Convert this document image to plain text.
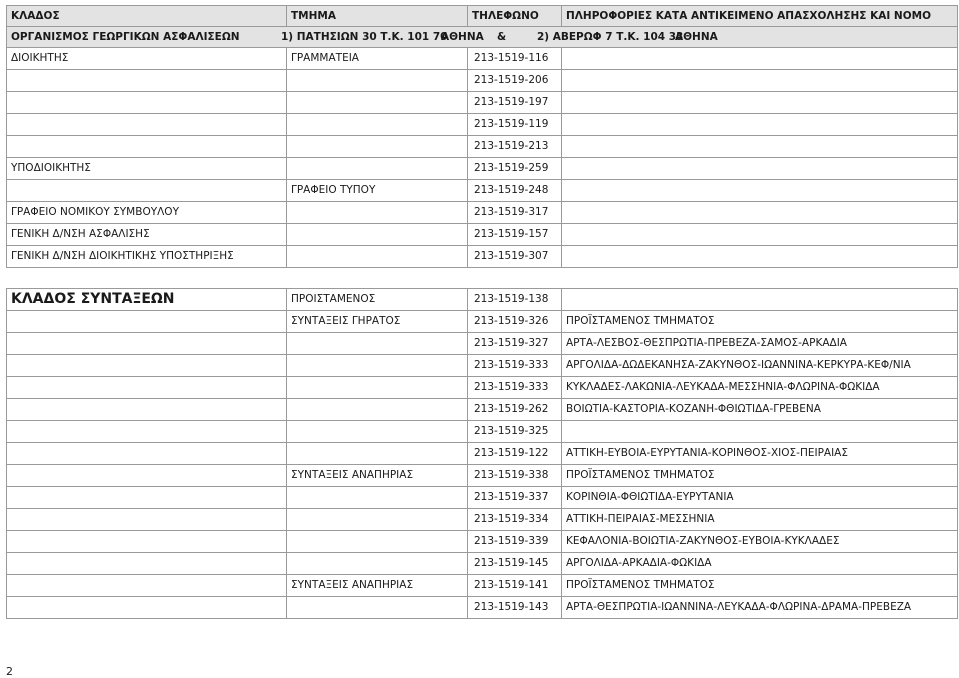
ΚΛΑΔΟΣ	ΤΜΗΜΑ	ΤΗΛΕΦΩΝΟ	ΠΛΗΡΟΦΟΡΙΕΣ ΚΑΤΑ ΑΝΤΙΚΕΙΜΕΝΟ ΑΠΑΣΧΟΛΗΣΗΣ ΚΑΙ ΝΟΜΟ
ΟΡΓΑΝΙΣΜΟΣ ΓΕΩΡΓΙΚΩΝ ΑΣΦΑΛΙΣΕΩΝ 1) ΠΑΤΗΣΙΩΝ 30 Τ.Κ. 101 70ΑΘΗΝΑ & 2) ΑΒΕΡΩΦ 7 Τ.Κ. 104 33ΑΘΗΝΑ			
ΔΙΟΙΚΗΤΗΣ	ΓΡΑΜΜΑΤΕΙΑ	213-1519-116	
		213-1519-206	
		213-1519-197	
		213-1519-119	
		213-1519-213	
ΥΠΟΔΙΟΙΚΗΤΗΣ		213-1519-259	
	ΓΡΑΦΕΙΟ ΤΥΠΟΥ	213-1519-248	
ΓΡΑΦΕΙΟ ΝΟΜΙΚΟΥ ΣΥΜΒΟΥΛΟΥ		213-1519-317	
ΓΕΝΙΚΗ Δ/ΝΣΗ ΑΣΦΑΛΙΣΗΣ		213-1519-157	
ΓΕΝΙΚΗ Δ/ΝΣΗ ΔΙΟΙΚΗΤΙΚΗΣ ΥΠΟΣΤΗΡΙΞΗΣ		213-1519-307	
ΚΛΑΔΟΣ ΣΥΝΤΑΞΕΩΝ	ΠΡΟΙΣΤΑΜΕΝΟΣ	213-1519-138	
	ΣΥΝΤΑΞΕΙΣ ΓΗΡΑΤΟΣ	213-1519-326	ΠΡΟΪΣΤΑΜΕΝΟΣ ΤΜΗΜΑΤΟΣ
		213-1519-327	ΑΡΤΑ-ΛΕΣΒΟΣ-ΘΕΣΠΡΩΤΙΑ-ΠΡΕΒΕΖΑ-ΣΑΜΟΣ-ΑΡΚΑΔΙΑ
		213-1519-333	ΑΡΓΟΛΙΔΑ-ΔΩΔΕΚΑΝΗΣΑ-ΖΑΚΥΝΘΟΣ-ΙΩΑΝΝΙΝΑ-ΚΕΡΚΥΡΑ-ΚΕΦ/ΝΙΑ
		213-1519-333	ΚΥΚΛΑΔΕΣ-ΛΑΚΩΝΙΑ-ΛΕΥΚΑΔΑ-ΜΕΣΣΗΝΙΑ-ΦΛΩΡΙΝΑ-ΦΩΚΙΔΑ
		213-1519-262	ΒΟΙΩΤΙΑ-ΚΑΣΤΟΡΙΑ-ΚΟΖΑΝΗ-ΦΘΙΩΤΙΔΑ-ΓΡΕΒΕΝΑ
		213-1519-325	
		213-1519-122	ΑΤΤΙΚΗ-ΕΥΒΟΙΑ-ΕΥΡΥΤΑΝΙΑ-ΚΟΡΙΝΘΟΣ-ΧΙΟΣ-ΠΕΙΡΑΙΑΣ
	ΣΥΝΤΑΞΕΙΣ ΑΝΑΠΗΡΙΑΣ	213-1519-338	ΠΡΟΪΣΤΑΜΕΝΟΣ ΤΜΗΜΑΤΟΣ
		213-1519-337	ΚΟΡΙΝΘΙΑ-ΦΘΙΩΤΙΔΑ-ΕΥΡΥΤΑΝΙΑ
		213-1519-334	ΑΤΤΙΚΗ-ΠΕΙΡΑΙΑΣ-ΜΕΣΣΗΝΙΑ
		213-1519-339	ΚΕΦΑΛΟΝΙΑ-ΒΟΙΩΤΙΑ-ΖΑΚΥΝΘΟΣ-ΕΥΒΟΙΑ-ΚΥΚΛΑΔΕΣ
		213-1519-145	ΑΡΓΟΛΙΔΑ-ΑΡΚΑΔΙΑ-ΦΩΚΙΔΑ
	ΣΥΝΤΑΞΕΙΣ ΑΝΑΠΗΡΙΑΣ	213-1519-141	ΠΡΟΪΣΤΑΜΕΝΟΣ ΤΜΗΜΑΤΟΣ
		213-1519-143	ΑΡΤΑ-ΘΕΣΠΡΩΤΙΑ-ΙΩΑΝΝΙΝΑ-ΛΕΥΚΑΔΑ-ΦΛΩΡΙΝΑ-ΔΡΑΜΑ-ΠΡΕΒΕΖΑ
2
